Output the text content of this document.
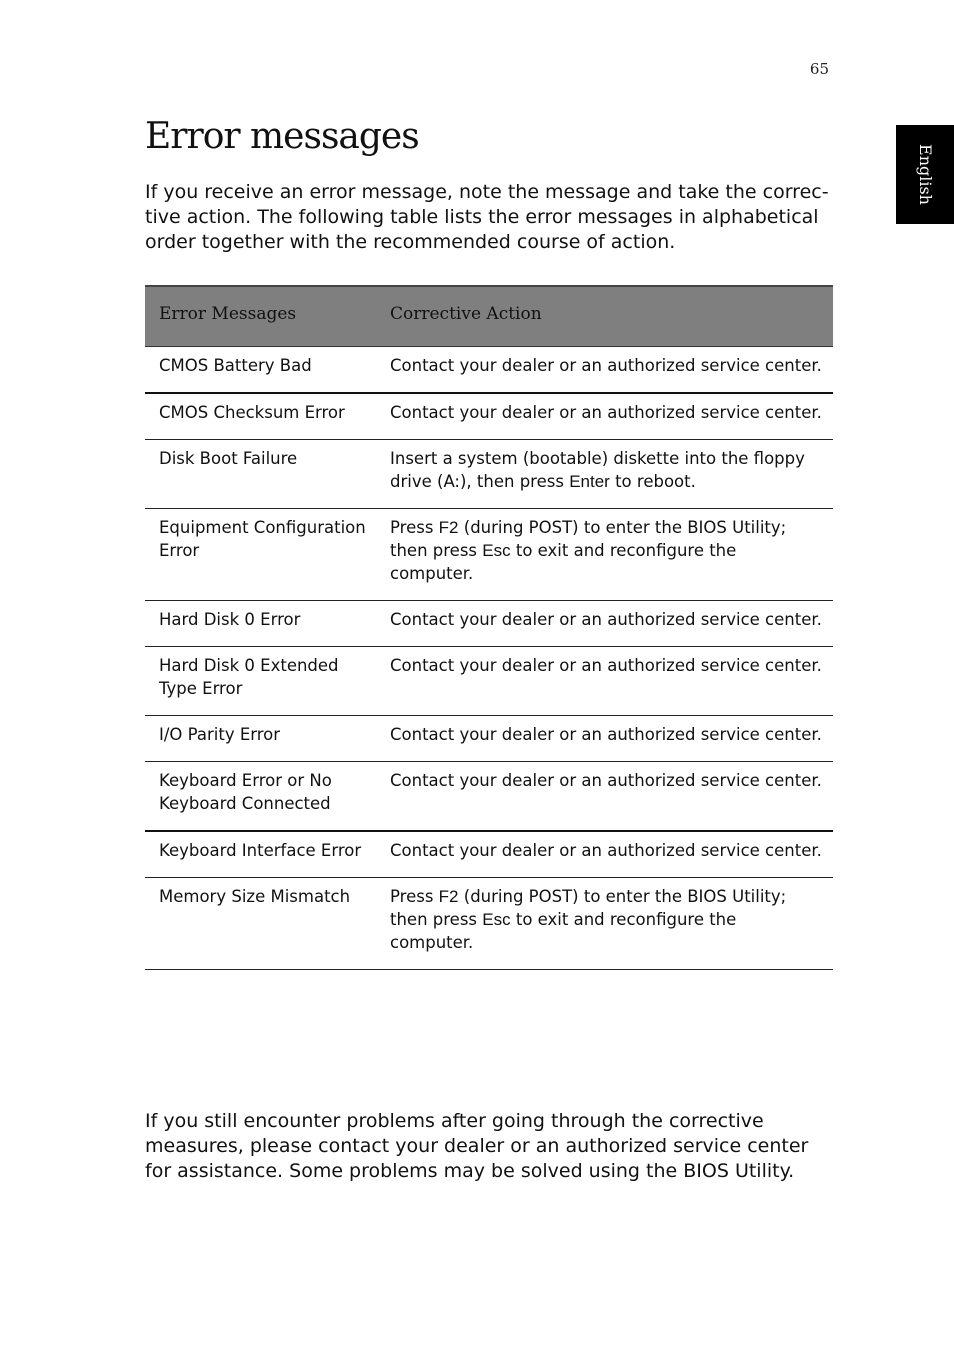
65
English
Error messages

If you receive an error message, note the message and take the correc-tive action. The following table lists the error messages in alphabetical order together with the recommended course of action.

Error Messages	Corrective Action
CMOS Battery Bad	Contact your dealer or an authorized service center.
CMOS Checksum Error	Contact your dealer or an authorized service center.
Disk Boot Failure	Insert a system (bootable) diskette into the floppy drive (A:), then press Enter to reboot.
Equipment Configuration Error	Press F2 (during POST) to enter the BIOS Utility; then press Esc to exit and reconfigure the computer.
Hard Disk 0 Error	Contact your dealer or an authorized service center.
Hard Disk 0 Extended Type Error	Contact your dealer or an authorized service center.
I/O Parity Error	Contact your dealer or an authorized service center.
Keyboard Error or No Keyboard Connected	Contact your dealer or an authorized service center.
Keyboard Interface Error	Contact your dealer or an authorized service center.
Memory Size Mismatch	Press F2 (during POST) to enter the BIOS Utility; then press Esc to exit and reconfigure the computer.

If you still encounter problems after going through the corrective measures, please contact your dealer or an authorized service center for assistance. Some problems may be solved using the BIOS Utility.
